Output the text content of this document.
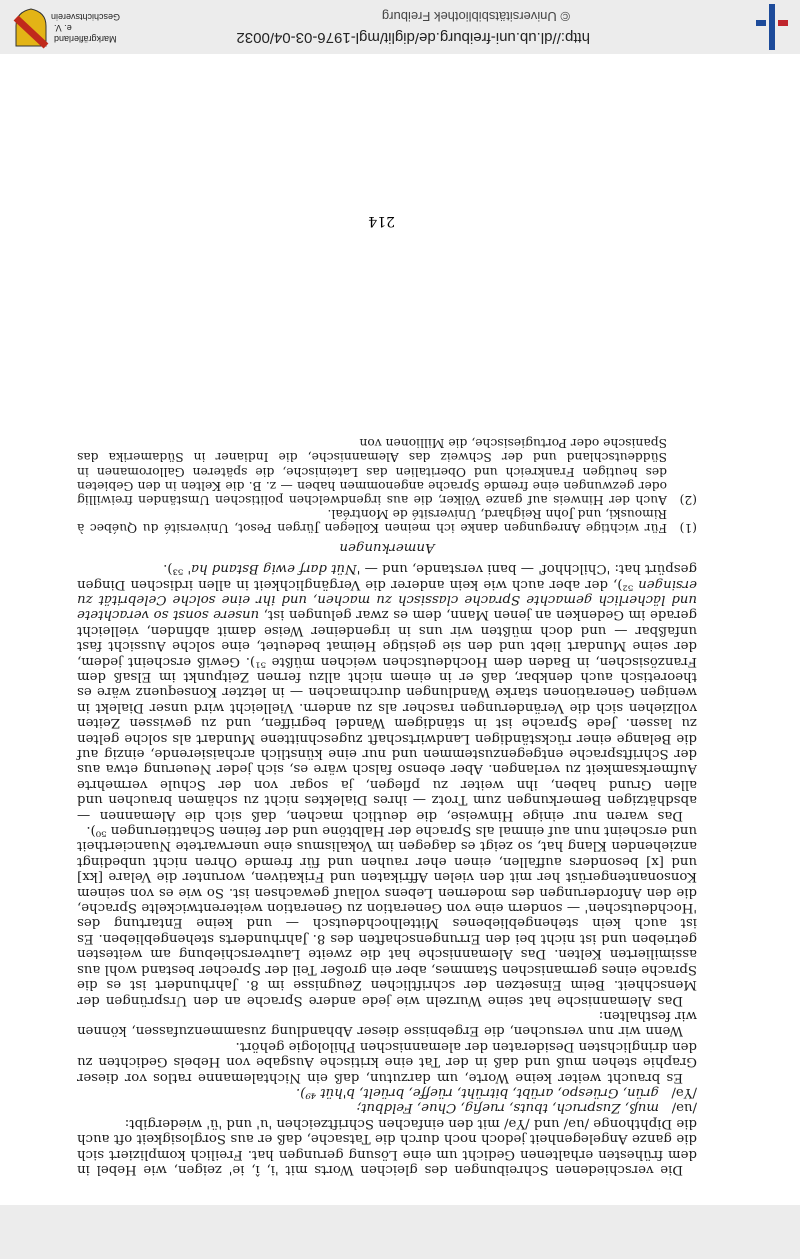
Die verschiedenen Schreibungen des gleichen Worts mit 'i, î, ie' zeigen, wie Hebel in dem frühesten erhaltenen Gedicht um eine Lösung gerungen hat. Freilich kompliziert sich die ganze Angelegenheit jedoch noch durch die Tatsache, daß er aus Sorglosigkeit oft auch die Diphthonge /uә/ und /Yә/ mit den einfachen Schriftzeichen 'u' und 'ü' wiedergibt:

/uә/
muß, Zuspruch, tbuts, ruefig, Chue, Feldbut;
/Yә/
grün, Grüespo, arübt, bitrüht, rüeffe, brüelt, b'hüt ⁴⁹).

Es braucht weiter keine Worte, um darzutun, daß ein Nichtalemanne ratlos vor dieser Graphie stehen muß und daß in der Tat eine kritische Ausgabe von Hebels Gedichten zu den dringlichsten Desideraten der alemannischen Philologie gehört.

Wenn wir nun versuchen, die Ergebnisse dieser Abhandlung zusammenzufassen, können wir festhalten:

Das Alemannische hat seine Wurzeln wie jede andere Sprache an den Ursprüngen der Menschheit. Beim Einsetzen der schriftlichen Zeugnisse im 8. Jahrhundert ist es die Sprache eines germanischen Stammes, aber ein großer Teil der Sprecher bestand wohl aus assimilierten Kelten. Das Alemannische hat die zweite Lautverschiebung am weitesten getrieben und ist nicht bei den Errungenschaften des 8. Jahrhunderts stehengeblieben. Es ist auch kein stehengebliebenes Mittelhochdeutsch — und keine Entartung des 'Hochdeutschen' — sondern eine von Generation zu Generation weiterentwickelte Sprache, die den Anforderungen des modernen Lebens vollauf gewachsen ist. So wie es von seinem Konsonantengerüst her mit den vielen Affrikaten und Frikativen, worunter die Velare [kx] und [x] besonders auffallen, einen eher rauhen und für fremde Ohren nicht unbedingt anziehenden Klang hat, so zeigt es dagegen im Vokalismus eine unerwartete Nuanciertheit und erscheint nun auf einmal als Sprache der Halbtöne und der feinen Schattierungen ⁵⁰).

Das waren nur einige Hinweise, die deutlich machen, daß sich die Alemannen — absdhätzigen Bemerkungen zum Trotz — ihres Dialektes nicht zu schämen brauchen und allen Grund haben, ihn weiter zu pflegen, ja sogar von der Schule vermehrte Aufmerksamkeit zu verlangen. Aber ebenso falsch wäre es, sich jeder Neuerung etwa aus der Schriftsprache entgegenzustemmen und nur eine künstlich archaisierende, einzig auf die Belange einer rückständigen Landwirtschaft zugeschnittene Mundart als solche gelten zu lassen. Jede Sprache ist in ständigem Wandel begriffen, und zu gewissen Zeiten vollziehen sich die Veränderungen rascher als zu andern. Vielleicht wird unser Dialekt in wenigen Generationen starke Wandlungen durchmachen — in letzter Konsequenz wäre es theoretisch auch denkbar, daß er in einem nicht allzu fernen Zeitpunkt im Elsaß dem Französischen, in Baden dem Hochdeutschen weichen müßte ⁵¹). Gewiß erscheint jedem, der seine Mundart liebt und den sie geistige Heimat bedeutet, eine solche Aussicht fast unfaßbar — und doch müßten wir uns in irgendeiner Weise damit abfinden, vielleicht gerade im Gedenken an jenen Mann, dem es zwar gelungen ist, unsere sonst so verachtete und lächerlich gemachte Sprache classisch zu machen, und ihr eine solche Celebrität zu ersingen ⁵²), der aber auch wie kein anderer die Vergänglichkeit in allen irdischen Dingen gespürt hat: 'Chilchhof' — bani verstande, und — 'Nüt darf ewig Bstand ha' ⁵³).

Anmerkungen
(1)
Für wichtige Anregungen danke ich meinen Kollegen Jürgen Pesot, Université du Québec à Rimouski, und John Reighard, Université de Montréal.
(2)
Auch der Hinweis auf ganze Völker, die aus irgendwelchen politischen Umständen freiwillig oder gezwungen eine fremde Sprache angenommen haben — z. B. die Kelten in den Gebieten des heutigen Frankreich und Oberitalien das Lateinische, die späteren Galloromanen in Süddeutschland und der Schweiz das Alemannische, die Indianer in Südamerika das Spanische oder Portugiesische, die Millionen von
214
http://dl.ub.uni-freiburg.de/diglit/mgl-1976-03-04/0032
© Universitätsbibliothek Freiburg
Markgräflerland e. V.
Geschichtsverein
